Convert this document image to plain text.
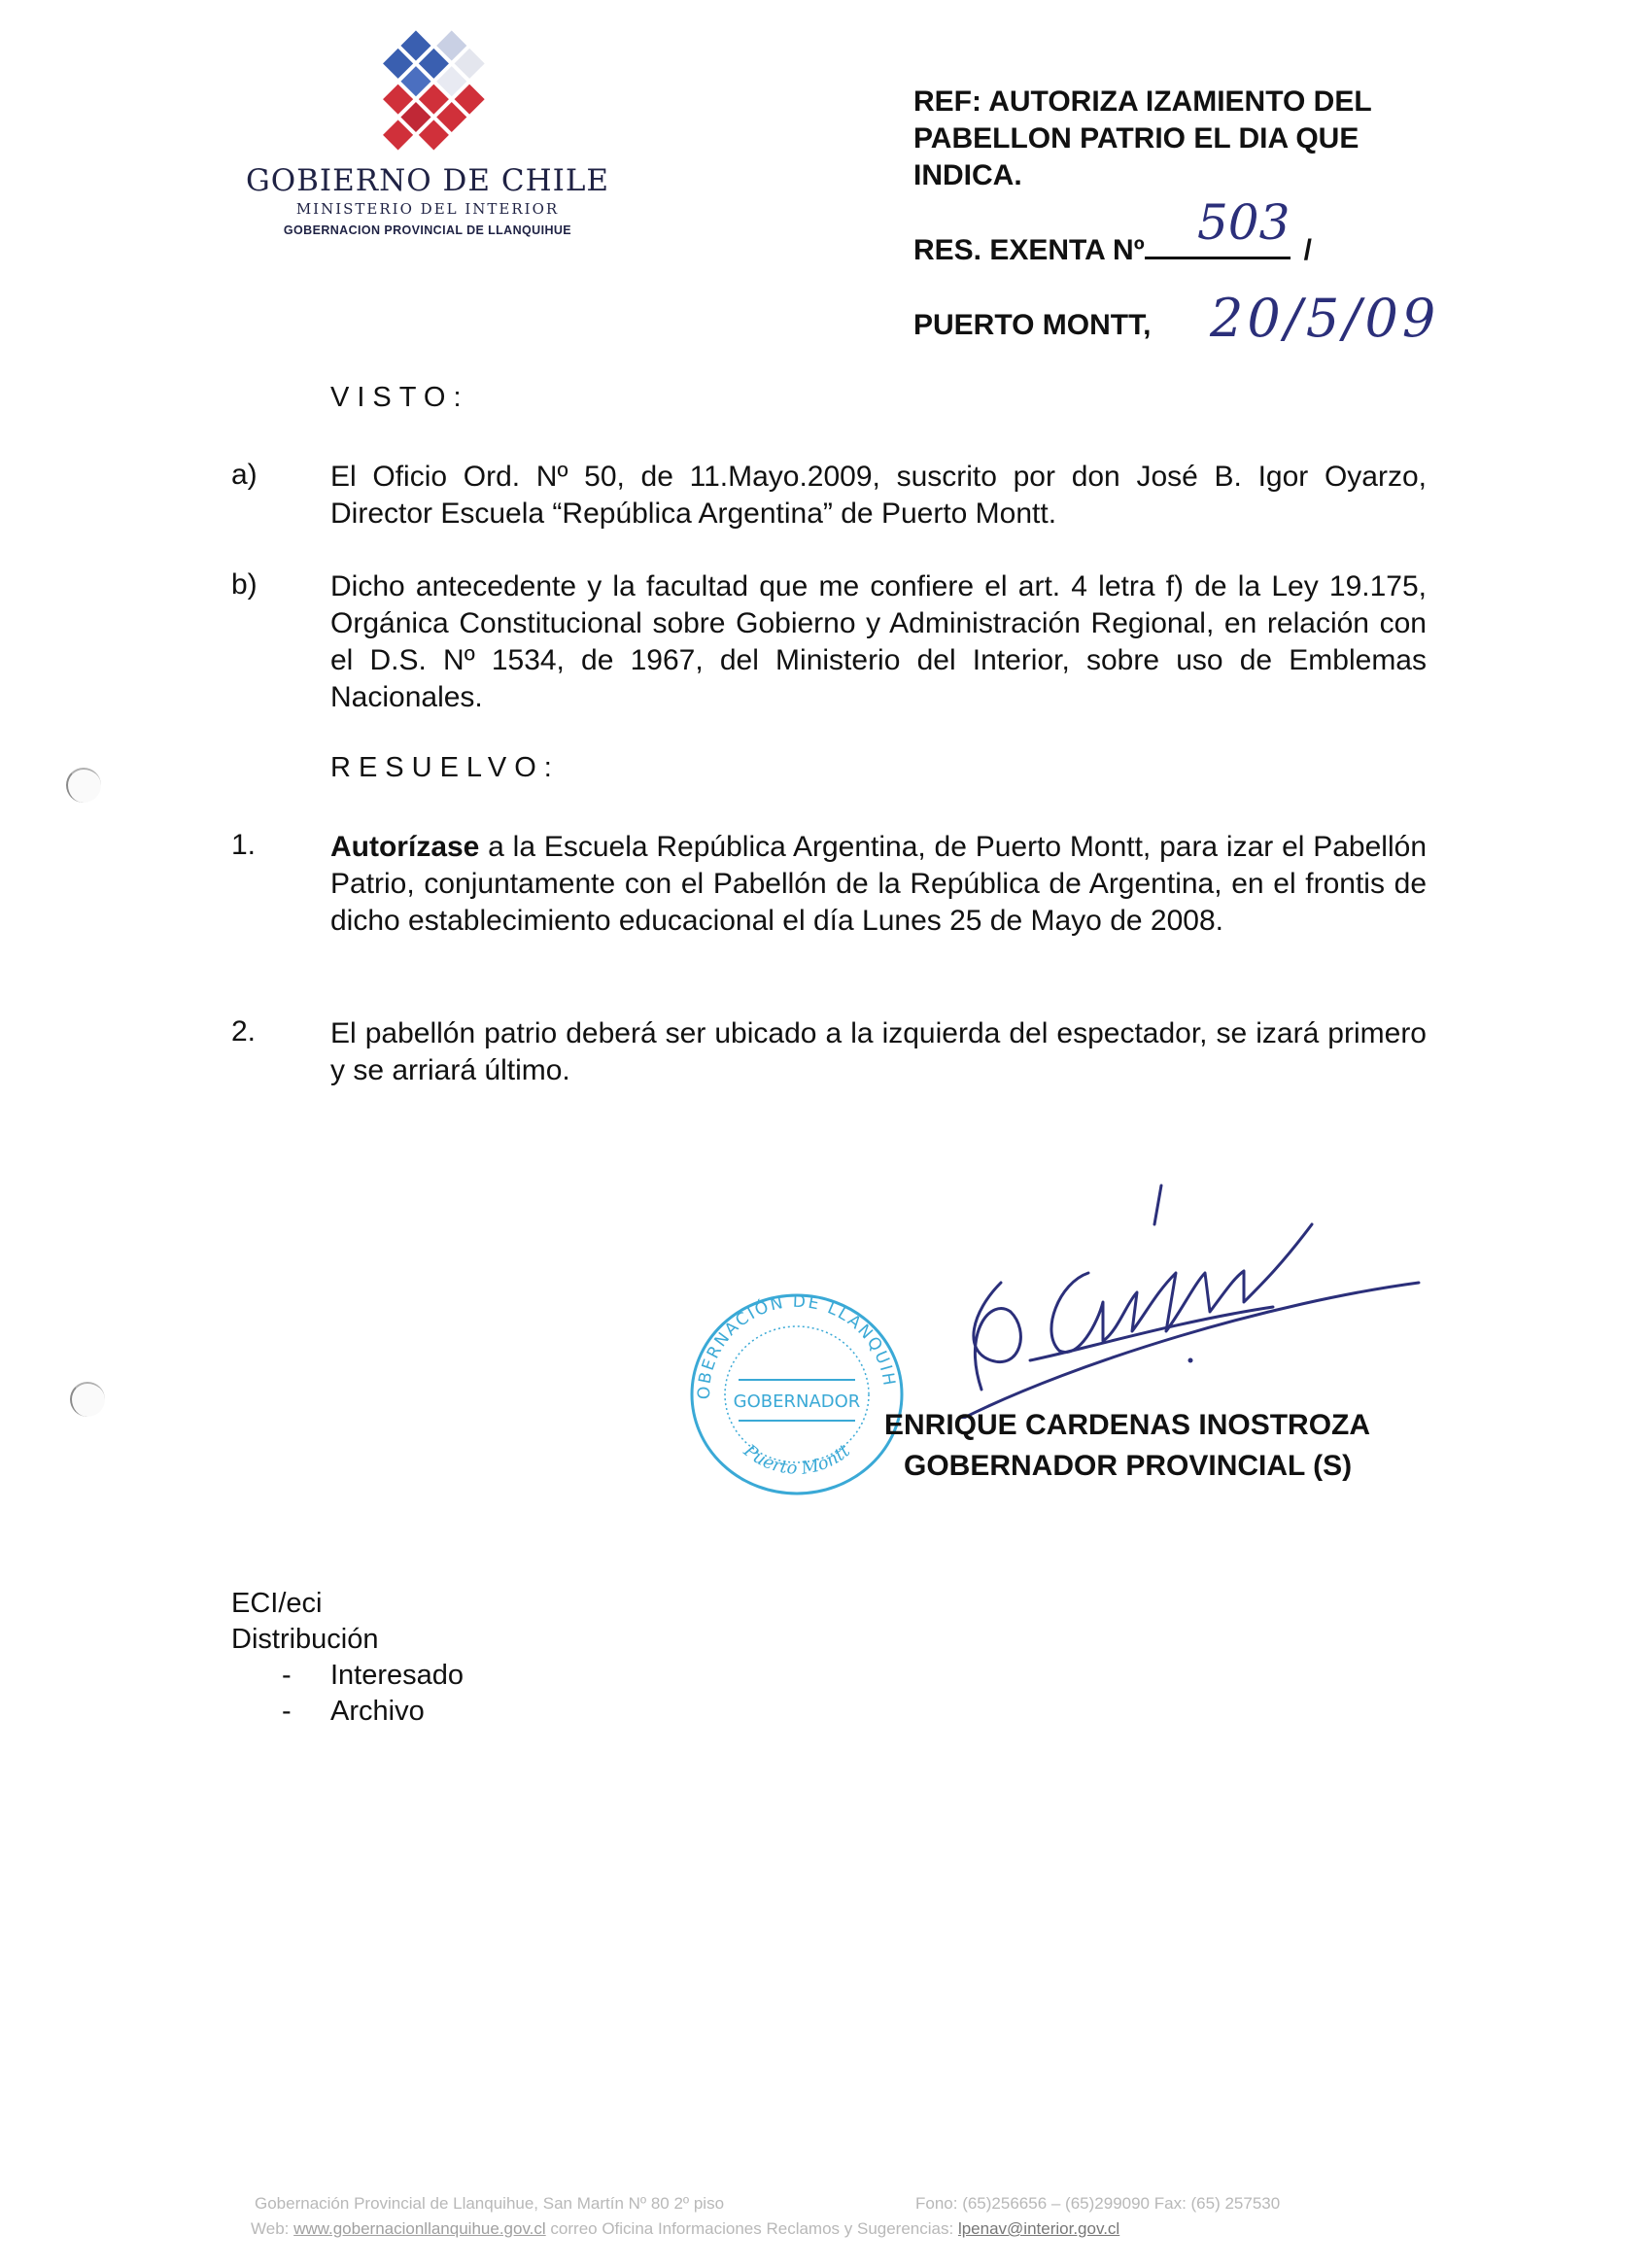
GOBIERNO DE CHILE
MINISTERIO DEL INTERIOR
GOBERNACION PROVINCIAL DE LLANQUIHUE
REF: AUTORIZA IZAMIENTO DEL
PABELLON PATRIO EL DIA QUE
INDICA.
RES. EXENTA Nº	/
503
PUERTO MONTT, 20/5/09
VISTO:
a)	El Oficio Ord. Nº 50, de 11.Mayo.2009, suscrito por don José B. Igor Oyarzo, Director Escuela “República Argentina” de Puerto Montt.
b)	Dicho antecedente y la facultad que me confiere el art. 4 letra f) de la Ley 19.175, Orgánica Constitucional sobre Gobierno y Administración Regional, en relación con el D.S. Nº 1534, de 1967, del Ministerio del Interior, sobre uso de Emblemas Nacionales.
RESUELVO:
1.	Autorízase a la Escuela República Argentina, de Puerto Montt, para izar el Pabellón Patrio, conjuntamente con el Pabellón de la República de Argentina, en el frontis de dicho establecimiento educacional el día Lunes 25 de Mayo de 2008.
2.	El pabellón patrio deberá ser ubicado a la izquierda del espectador, se izará primero y se arriará último.
OBERNACIÓN DE LLANQUIH
GOBERNADOR
Puerto Montt
ENRIQUE CARDENAS INOSTROZA
GOBERNADOR PROVINCIAL (S)
ECI/eci
Distribución
- Interesado
- Archivo
Gobernación Provincial de Llanquihue, San Martín Nº 80 2º piso	Fono: (65)256656 – (65)299090 Fax: (65) 257530
Web: www.gobernacionllanquihue.gov.cl correo Oficina Informaciones Reclamos y Sugerencias: lpenav@interior.gov.cl
